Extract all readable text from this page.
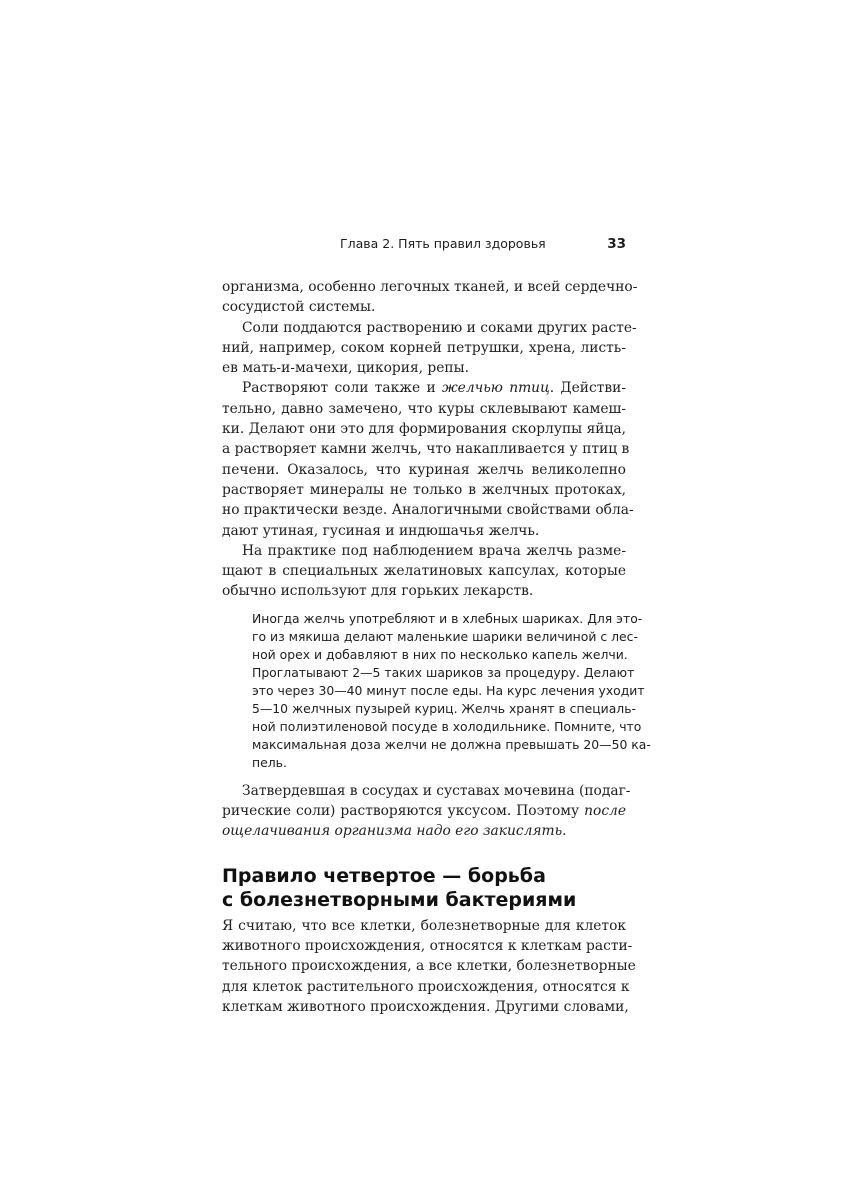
Глава 2. Пять правил здоровья	33
организма, особенно легочных тканей, и всей сердечно-
сосудистой системы.
Соли поддаются растворению и соками других расте-
ний, например, соком корней петрушки, хрена, листь-
ев мать-и-мачехи, цикория, репы.
Растворяют соли также и желчью птиц. Действи-
тельно, давно замечено, что куры склевывают камеш-
ки. Делают они это для формирования скорлупы яйца,
а растворяет камни желчь, что накапливается у птиц в
печени. Оказалось, что куриная желчь великолепно
растворяет минералы не только в желчных протоках,
но практически везде. Аналогичными свойствами обла-
дают утиная, гусиная и индюшачья желчь.
На практике под наблюдением врача желчь разме-
щают в специальных желатиновых капсулах, которые
обычно используют для горьких лекарств.
Иногда желчь употребляют и в хлебных шариках. Для это-
го из мякиша делают маленькие шарики величиной с лес-
ной орех и добавляют в них по несколько капель желчи.
Проглатывают 2—5 таких шариков за процедуру. Делают
это через 30—40 минут после еды. На курс лечения уходит
5—10 желчных пузырей куриц. Желчь хранят в специаль-
ной полиэтиленовой посуде в холодильнике. Помните, что
максимальная доза желчи не должна превышать 20—50 ка-
пель.
Затвердевшая в сосудах и суставах мочевина (подаг-
рические соли) растворяются уксусом. Поэтому после
ощелачивания организма надо его закислять.
Правило четвертое — борьба
с болезнетворными бактериями
Я считаю, что все клетки, болезнетворные для клеток
животного происхождения, относятся к клеткам расти-
тельного происхождения, а все клетки, болезнетворные
для клеток растительного происхождения, относятся к
клеткам животного происхождения. Другими словами,
